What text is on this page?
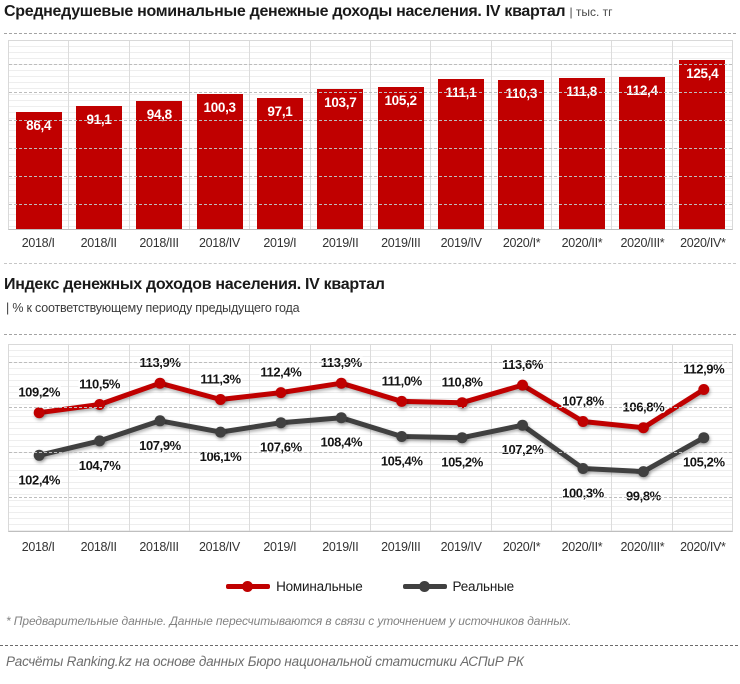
Среднедушевые номинальные денежные доходы населения. IV квартал | тыс. тг
86,4	91,1	94,8	100,3	97,1
103,7	105,2
111,1	110,3	111,8	112,4
125,4
2018/I	2018/II	2018/III	2018/IV	2019/I	2019/II	2019/III	2019/IV	2020/I*	2020/II*	2020/III*	2020/IV*
Индекс денежных доходов населения. IV квартал
| % к соответствующему периоду предыдущего года
109,2%
110,5%
113,9%
111,3% 112,4%
113,9%
111,0% 110,8%
113,6%
107,8% 106,8%
112,9%
102,4%
104,7%
107,9%
106,1%
107,6% 108,4%
105,4% 105,2%
107,2%
100,3% 99,8%
105,2%
2018/I	2018/II	2018/III	2018/IV	2019/I	2019/II	2019/III	2019/IV	2020/I*	2020/II*	2020/III*	2020/IV*
Номинальные	Реальные
* Предварительные данные. Данные пересчитываются в связи с уточнением у источников данных.
Расчёты Ranking.kz на основе данных Бюро национальной статистики АСПиР РК
